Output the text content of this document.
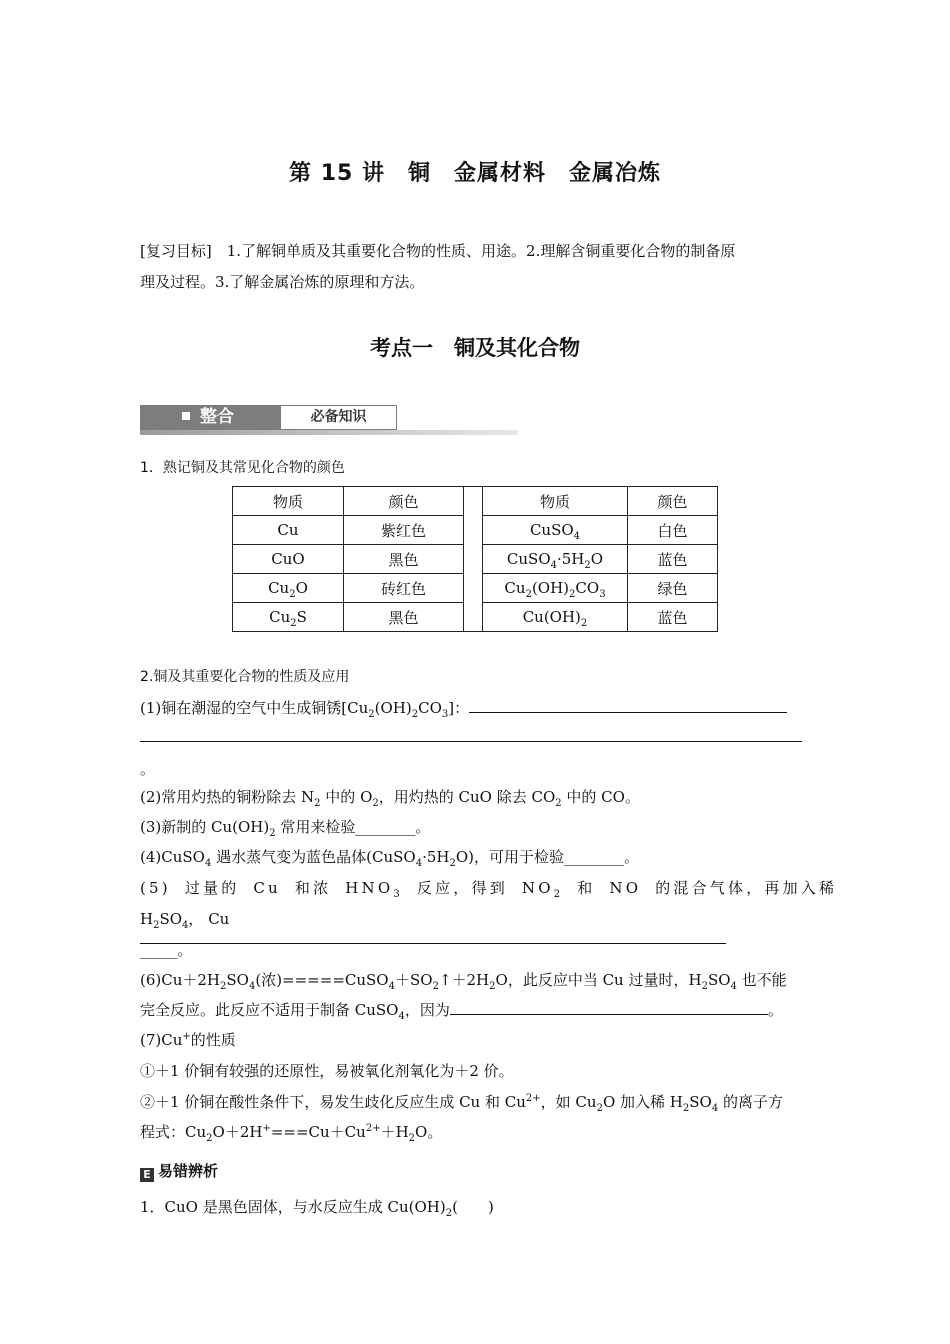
第 15 讲　铜　金属材料　金属冶炼
[复习目标]　1.了解铜单质及其重要化合物的性质、用途。2.理解含铜重要化合物的制备原
理及过程。3.了解金属冶炼的原理和方法。
考点一　铜及其化合物
整合	必备知识
1．熟记铜及其常见化合物的颜色
物质	颜色		物质	颜色
Cu	紫红色		CuSO$_4$	白色
CuO	黑色		$CuSO_4\cdot 5H_2O$	蓝色
$Cu_2O$	砖红色		$Cu_2(OH)_2CO_3$	绿色
$Cu_2S$	黑色		$Cu(OH)_2$	蓝色
2.铜及其重要化合物的性质及应用
(1)铜在潮湿的空气中生成铜锈$[Cu_2(OH)_2CO_3]$：
。
(2)常用灼热的铜粉除去 $N_2$ 中的 $O_2$，用灼热的 CuO 除去 $CO_2$ 中的 CO。
(3)新制的 $Cu(OH)_2$ 常用来检验________。
(4)CuSO$_4$ 遇水蒸气变为蓝色晶体$(CuSO_4\cdot 5H_2O)$，可用于检验________。
(5) 过量的 Cu 和浓 $HNO_3$ 反应，得到 $NO_2$ 和 NO 的混合气体，再加入稀
$H_2SO_4$， Cu
_____。
$(6)Cu+2H_2SO_4$(浓)$=====CuSO_4+SO_2↑+2H_2O$，此反应中当 Cu 过量时，$H_2SO_4$ 也不能
完全反应。此反应不适用于制备 CuSO$_4$，因为	。
(7)Cu+的性质
①＋1 价铜有较强的还原性，易被氧化剂氧化为＋2 价。
②＋1 价铜在酸性条件下，易发生歧化反应生成 Cu 和 $Cu^{2+}$，如 $Cu_2O$ 加入稀 $H_2SO_4$ 的离子方
程式：$Cu_2O+2H^+===Cu+Cu^{2+}+H_2O$。
E 易错辨析
1．CuO 是黑色固体，与水反应生成 $Cu(OH)_2$(　　)
